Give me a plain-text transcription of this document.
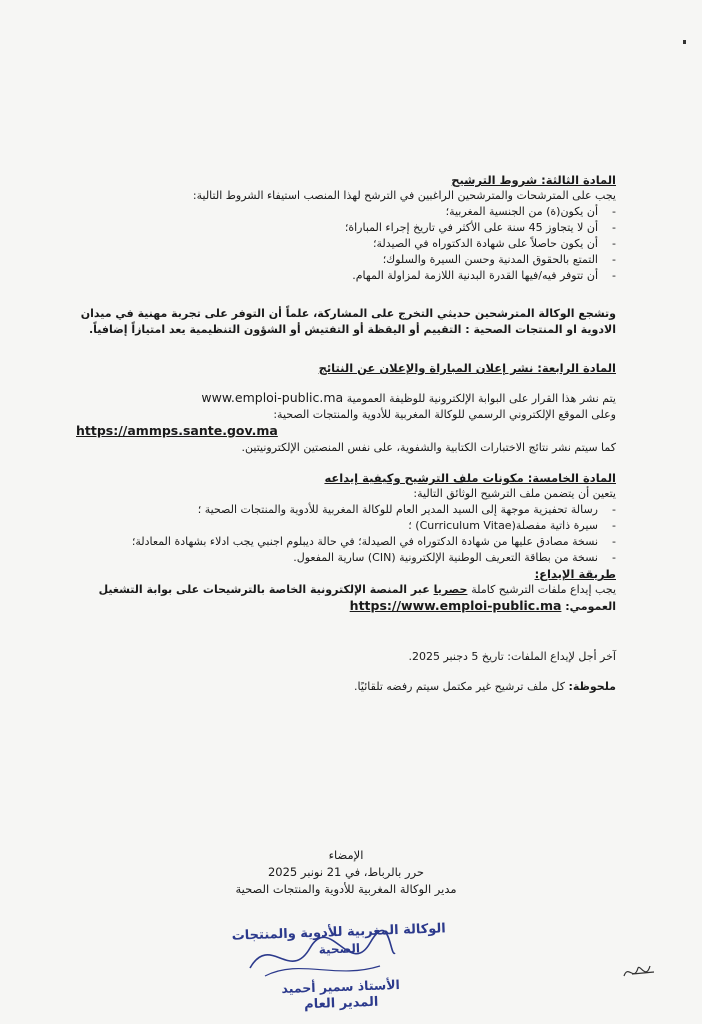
المادة الثالثة: شروط الترشيح

يجب على المترشحات والمترشحين الراغبين في الترشح لهذا المنصب استيفاء الشروط التالية:

- أن يكون(ة) من الجنسية المغربية؛
- أن لا يتجاوز 45 سنة على الأكثر في تاريخ إجراء المباراة؛
- أن يكون حاصلاً على شهادة الدكتوراه في الصيدلة؛
- التمتع بالحقوق المدنية وحسن السيرة والسلوك؛
- أن تتوفر فيه/فيها القدرة البدنية اللازمة لمزاولة المهام.

وتشجع الوكالة المترشحين حديثي التخرج على المشاركة، علماً أن التوفر على تجربة مهنية في ميدان الادوية او المنتجات الصحية : التقييم أو اليقظة أو التفتيش أو الشؤون التنظيمية يعد امتيازاً إضافياً.

المادة الرابعة: نشر إعلان المباراة والإعلان عن النتائج

يتم نشر هذا القرار على البوابة الإلكترونية للوظيفة العمومية www.emploi-public.ma

وعلى الموقع الإلكتروني الرسمي للوكالة المغربية للأدوية والمنتجات الصحية:

https://ammps.sante.gov.ma

كما سيتم نشر نتائج الاختبارات الكتابية والشفوية، على نفس المنصتين الإلكترونيتين.

المادة الخامسة: مكونات ملف الترشيح وكيفية إيداعه

يتعين أن يتضمن ملف الترشيح الوثائق التالية:

- رسالة تحفيزية موجهة إلى السيد المدير العام للوكالة المغربية للأدوية والمنتجات الصحية ؛
- سيرة ذاتية مفصلة(Curriculum Vitae) ؛
- نسخة مصادق عليها من شهادة الدكتوراه في الصيدلة؛ في حالة ديبلوم اجنبي يجب ادلاء بشهادة المعادلة؛
- نسخة من بطاقة التعريف الوطنية الإلكترونية (CIN) سارية المفعول.

طريقة الإيداع:

يجب إيداع ملفات الترشيح كاملة حصريا عبر المنصة الإلكترونية الخاصة بالترشيحات على بوابة التشغيل العمومي: https://www.emploi-public.ma

آخر أجل لإيداع الملفات: تاريخ 5 دجنبر 2025.

ملحوظة: كل ملف ترشيح غير مكتمل سيتم رفضه تلقائيًا.

الإمضاء
حرر بالرباط، في 21 نونبر 2025
مدير الوكالة المغربية للأدوية والمنتجات الصحية
الوكالة المغربية للأدوية والمنتجات
الصحية
الأستاذ سمير أحميد
المدير العام
